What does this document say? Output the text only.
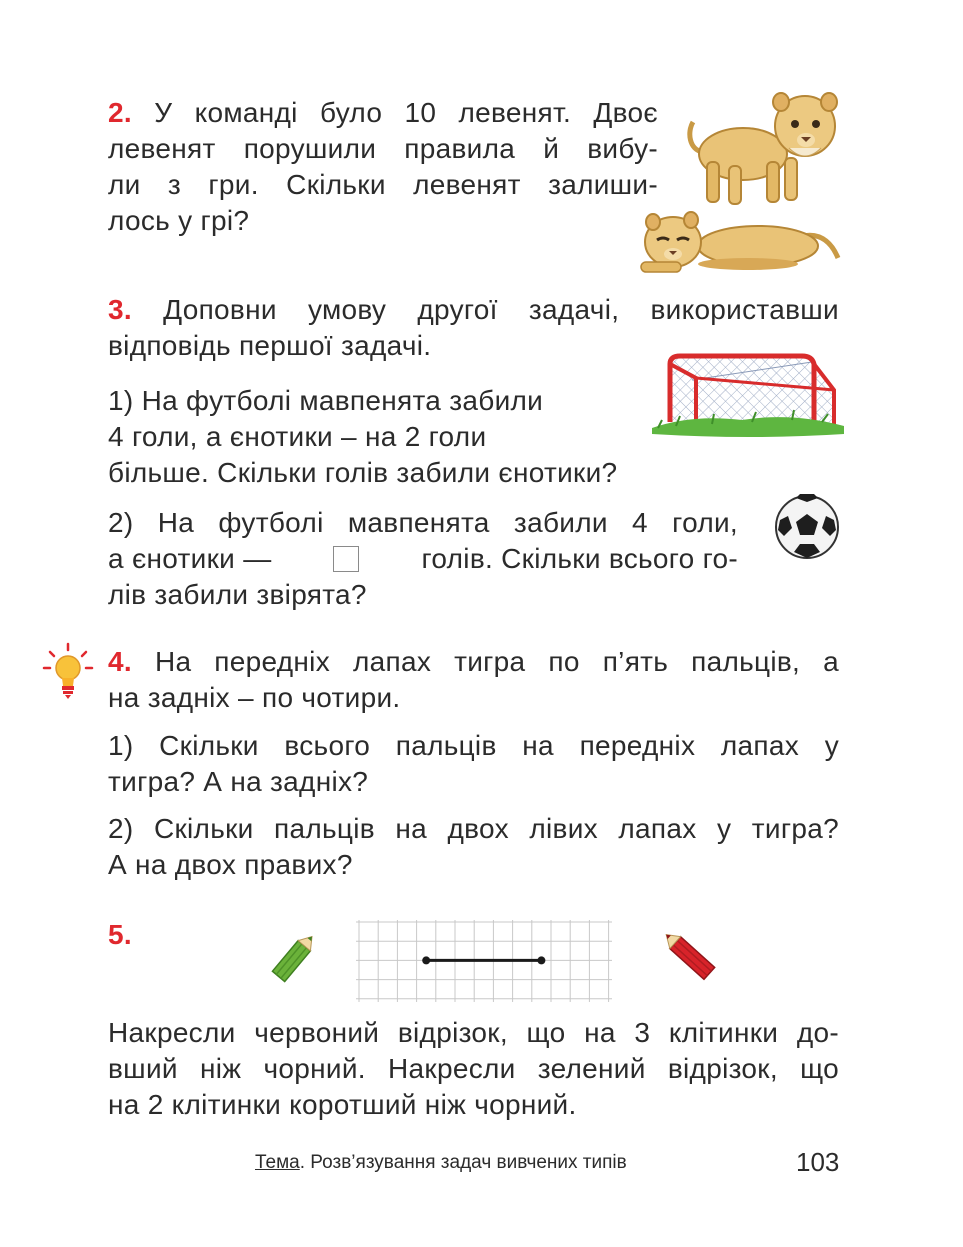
2. У команді було 10 левенят. Двоє
левенят порушили правила й вибу-
ли з гри. Скільки левенят залиши-
лось у грі?
3. Доповни умову другої задачі, використавши
відповідь першої задачі.
1) На футболі мавпенята забили
4 голи, а єнотики – на 2 голи
більше. Скільки голів забили єнотики?
2) На футболі мавпенята забили 4 голи,
а єнотики —	голів. Скільки всього го-
лів забили звірята?
4. На передніх лапах тигра по п’ять пальців, а
на задніх – по чотири.
1) Скільки всього пальців на передніх лапах у
тигра? А на задніх?
2) Скільки пальців на двох лівих лапах у тигра?
А на двох правих?
5.
Накресли червоний відрізок, що на 3 клітинки до-
вший ніж чорний. Накресли зелений відрізок, що
на 2 клітинки коротший ніж чорний.
Тема. Розв’язування задач вивчених типів	103
